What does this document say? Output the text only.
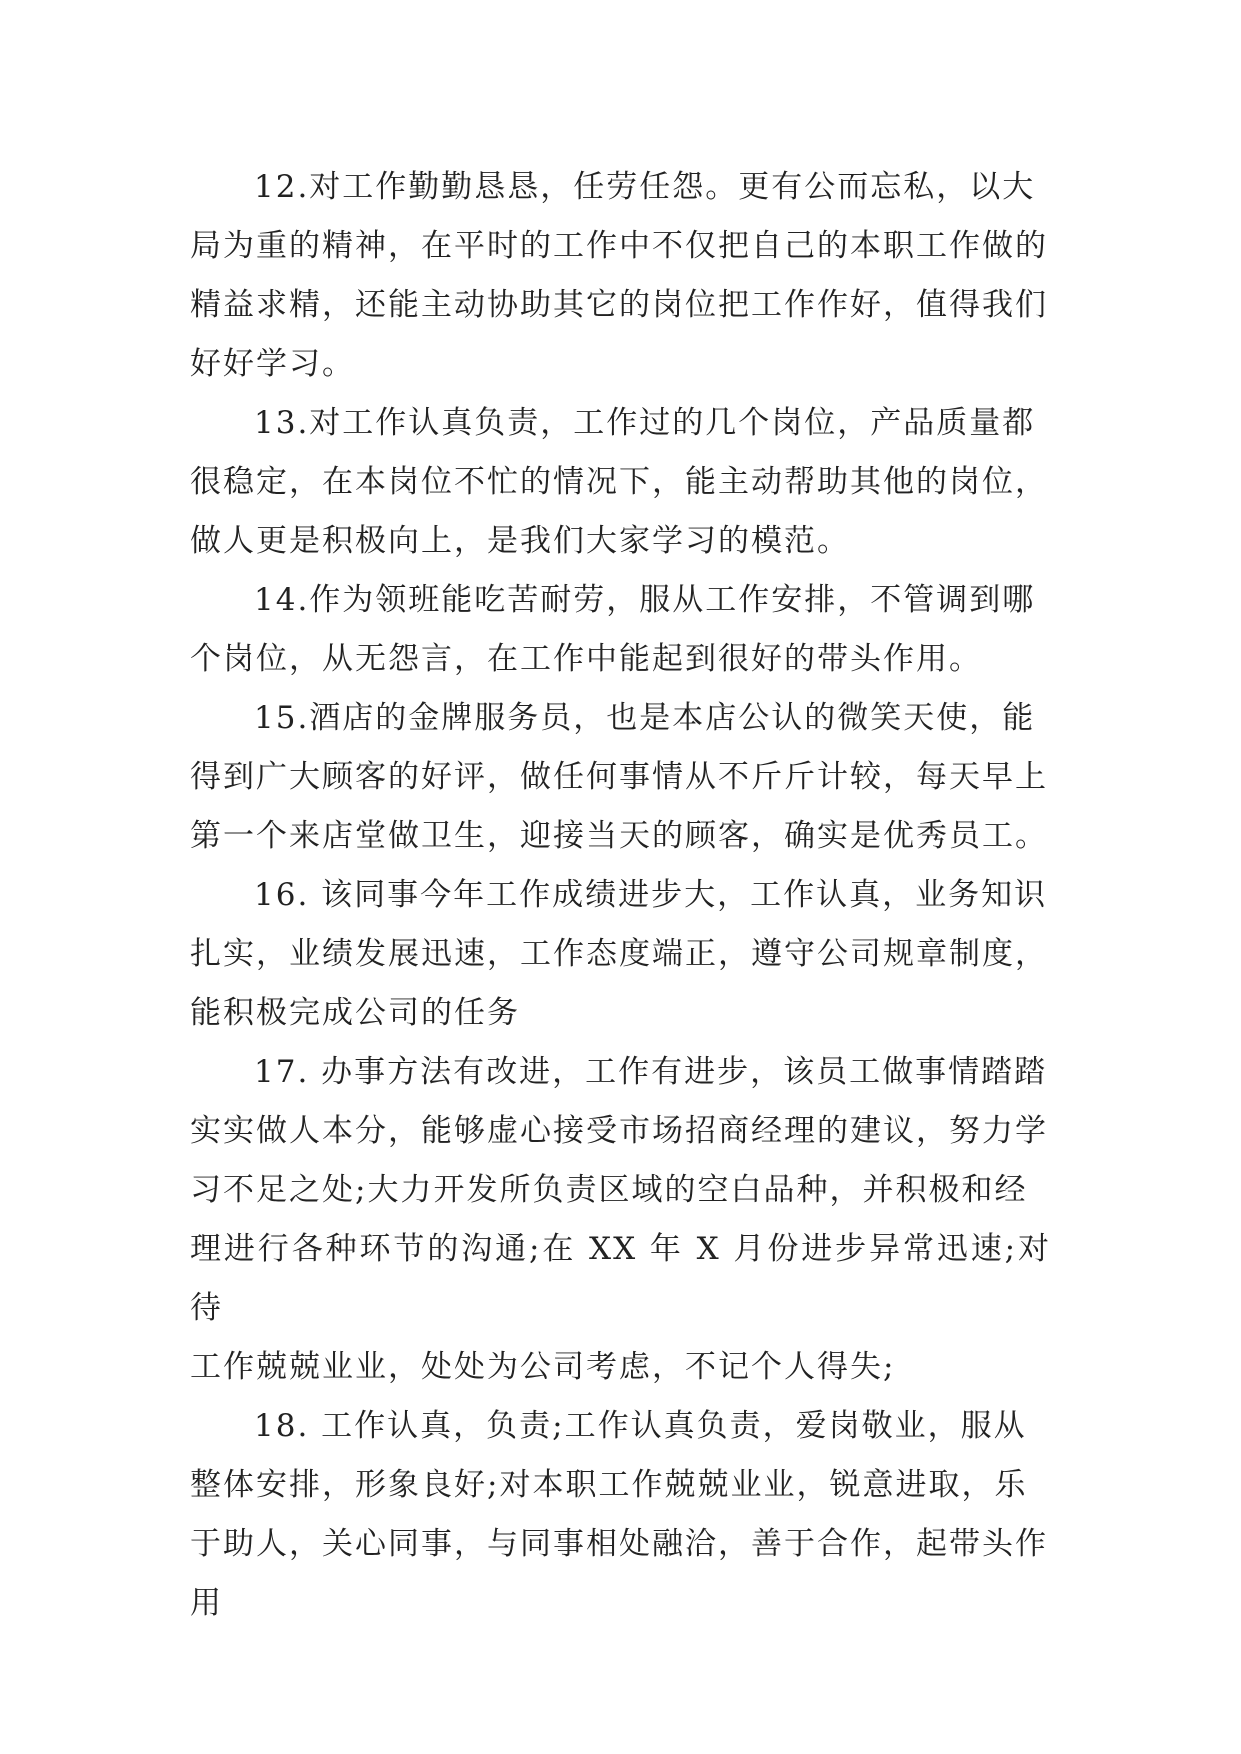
12.对工作勤勤恳恳，任劳任怨。更有公而忘私，以大
局为重的精神，在平时的工作中不仅把自己的本职工作做的
精益求精，还能主动协助其它的岗位把工作作好，值得我们
好好学习。

13.对工作认真负责，工作过的几个岗位，产品质量都
很稳定，在本岗位不忙的情况下，能主动帮助其他的岗位，
做人更是积极向上，是我们大家学习的模范。

14.作为领班能吃苦耐劳，服从工作安排，不管调到哪
个岗位，从无怨言，在工作中能起到很好的带头作用。

15.酒店的金牌服务员，也是本店公认的微笑天使，能
得到广大顾客的好评，做任何事情从不斤斤计较，每天早上
第一个来店堂做卫生，迎接当天的顾客，确实是优秀员工。

16. 该同事今年工作成绩进步大，工作认真，业务知识
扎实，业绩发展迅速，工作态度端正，遵守公司规章制度，
能积极完成公司的任务

17. 办事方法有改进，工作有进步，该员工做事情踏踏
实实做人本分，能够虚心接受市场招商经理的建议，努力学
习不足之处;大力开发所负责区域的空白品种，并积极和经
理进行各种环节的沟通;在 XX 年 X 月份进步异常迅速;对待
工作兢兢业业，处处为公司考虑，不记个人得失;

18. 工作认真，负责;工作认真负责，爱岗敬业，服从
整体安排，形象良好;对本职工作兢兢业业，锐意进取，乐
于助人，关心同事，与同事相处融洽，善于合作，起带头作
用
